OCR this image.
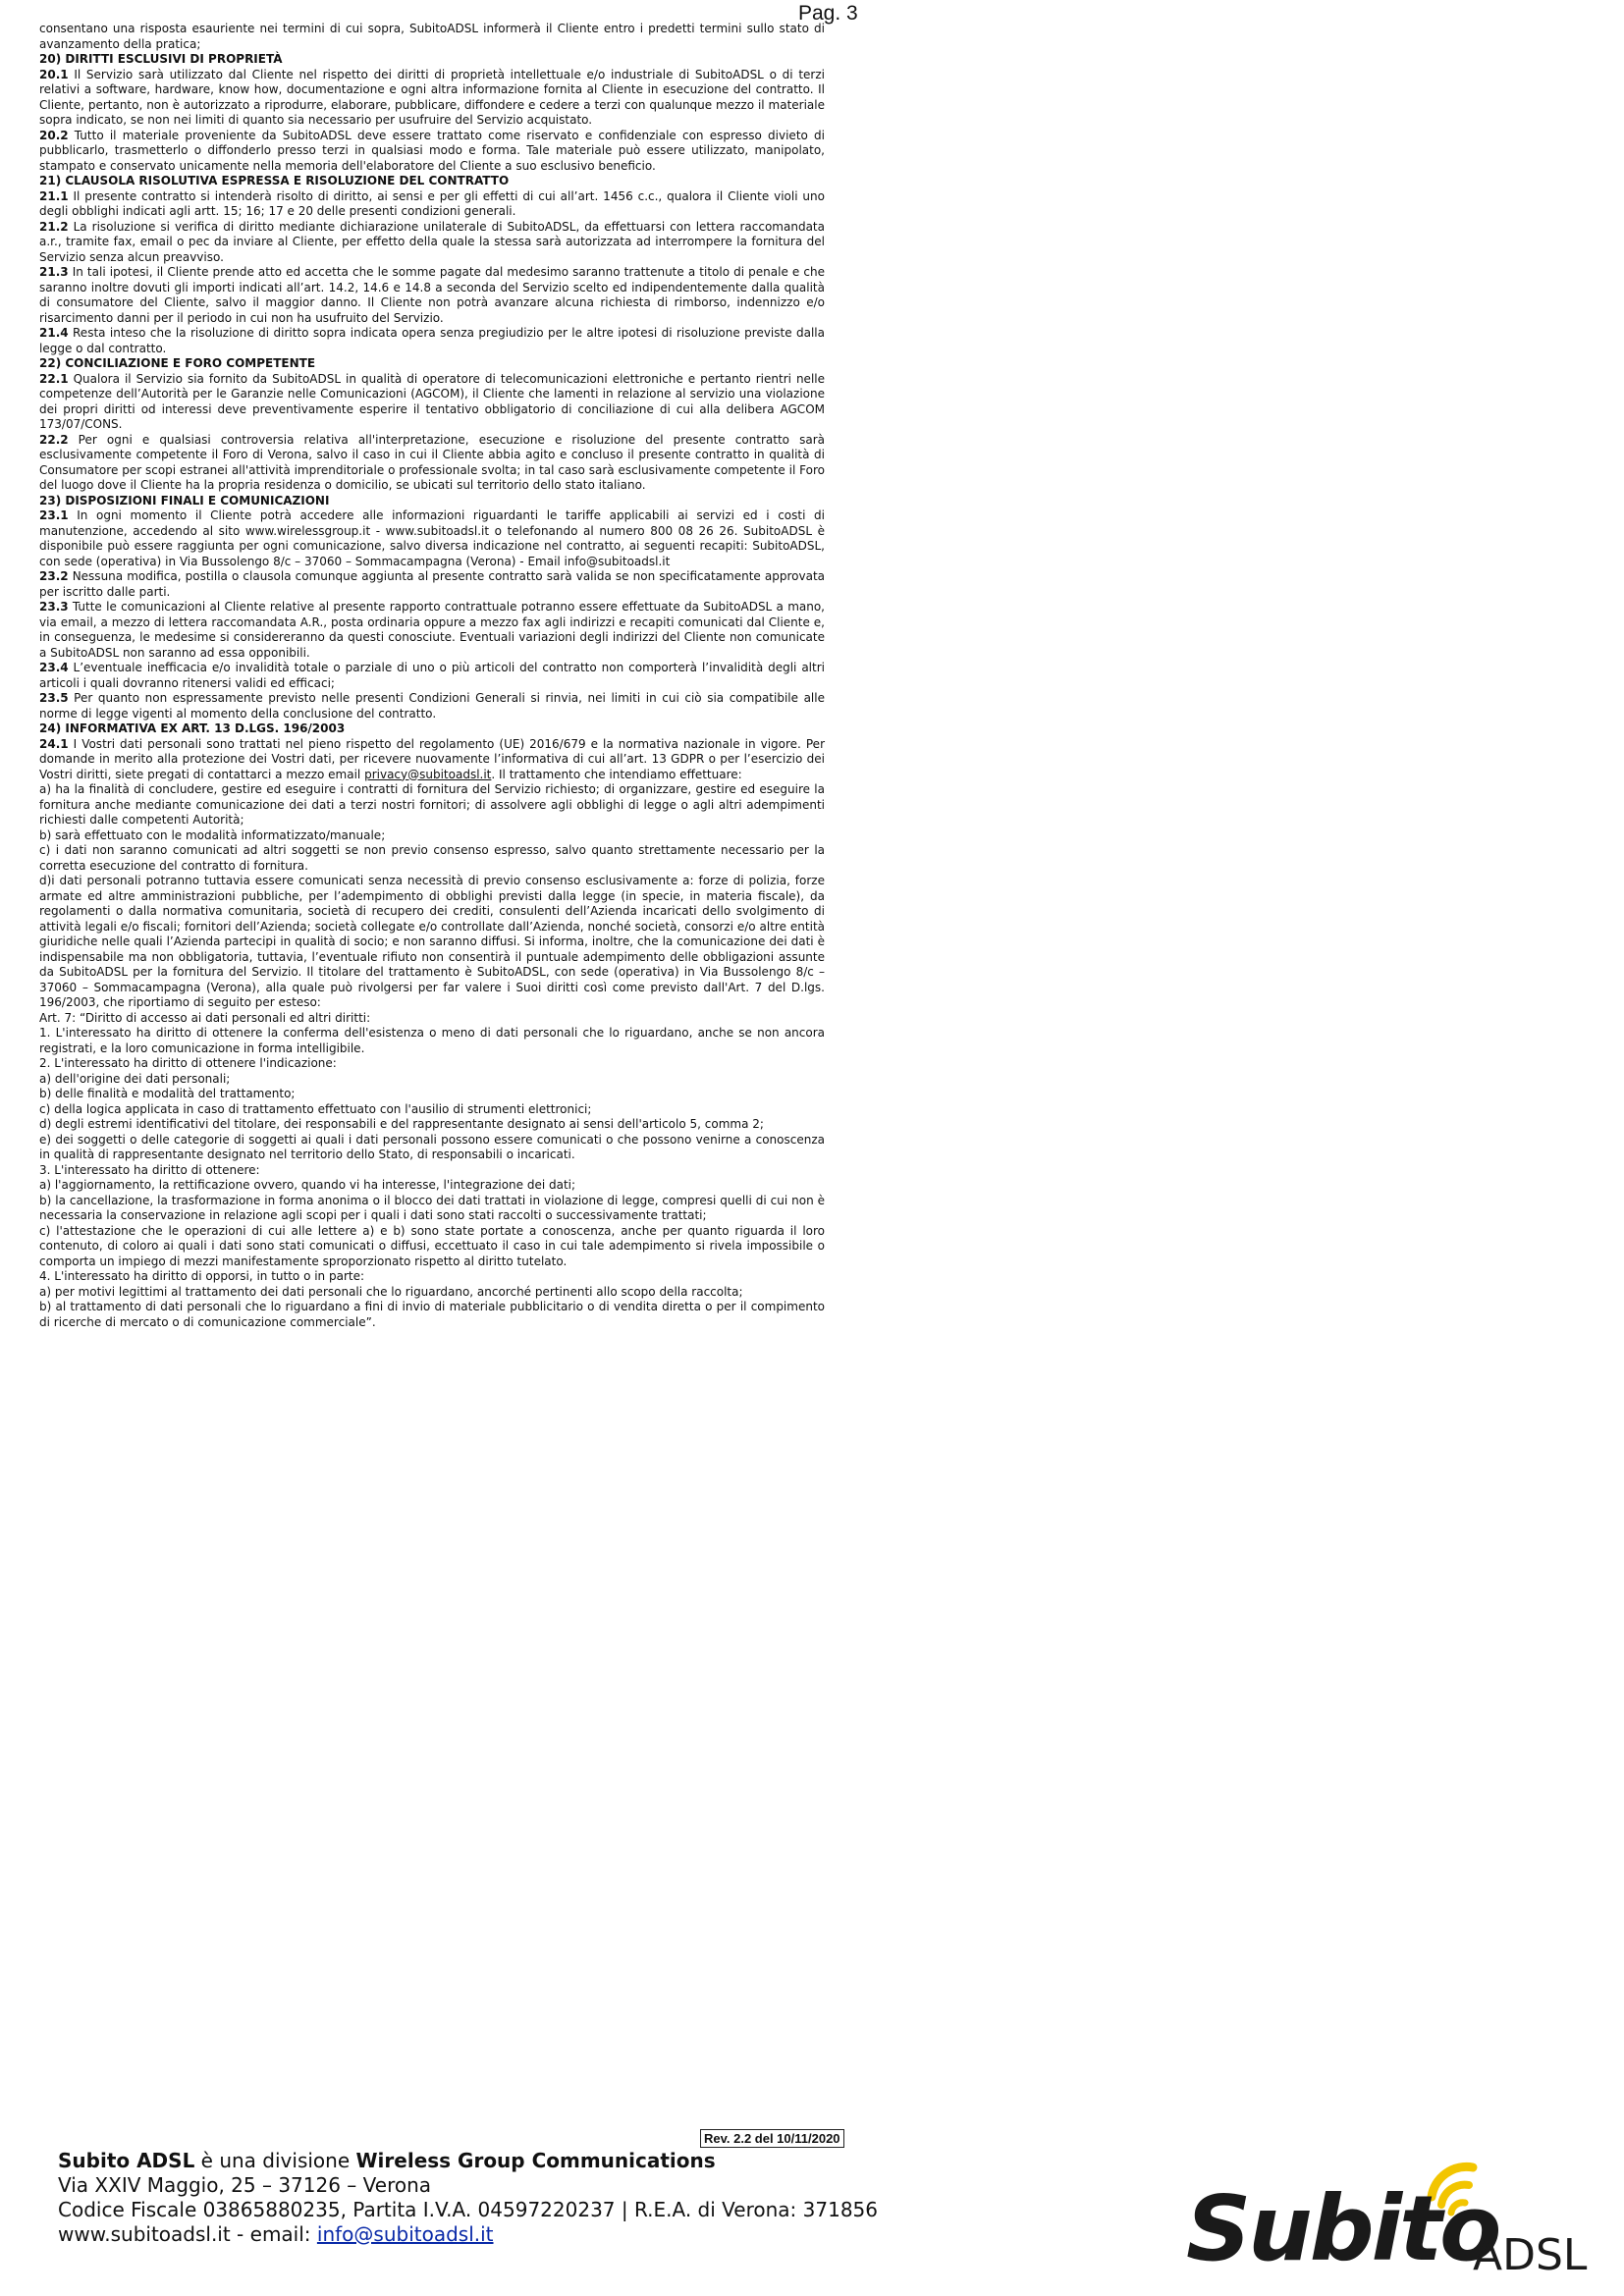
Pag. 3

consentano una risposta esauriente nei termini di cui sopra, SubitoADSL informerà il Cliente entro i predetti termini sullo stato di avanzamento della pratica;

20) DIRITTI ESCLUSIVI DI PROPRIETÀ

20.1 Il Servizio sarà utilizzato dal Cliente nel rispetto dei diritti di proprietà intellettuale e/o industriale di SubitoADSL o di terzi relativi a software, hardware, know how, documentazione e ogni altra informazione fornita al Cliente in esecuzione del contratto. Il Cliente, pertanto, non è autorizzato a riprodurre, elaborare, pubblicare, diffondere e cedere a terzi con qualunque mezzo il materiale sopra indicato, se non nei limiti di quanto sia necessario per usufruire del Servizio acquistato.

20.2 Tutto il materiale proveniente da SubitoADSL deve essere trattato come riservato e confidenziale con espresso divieto di pubblicarlo, trasmetterlo o diffonderlo presso terzi in qualsiasi modo e forma. Tale materiale può essere utilizzato, manipolato, stampato e conservato unicamente nella memoria dell'elaboratore del Cliente a suo esclusivo beneficio.

21) CLAUSOLA RISOLUTIVA ESPRESSA E RISOLUZIONE DEL CONTRATTO

21.1 Il presente contratto si intenderà risolto di diritto, ai sensi e per gli effetti di cui all’art. 1456 c.c., qualora il Cliente violi uno degli obblighi indicati agli artt. 15; 16; 17 e 20 delle presenti condizioni generali.

21.2 La risoluzione si verifica di diritto mediante dichiarazione unilaterale di SubitoADSL, da effettuarsi con lettera raccomandata a.r., tramite fax, email o pec da inviare al Cliente, per effetto della quale la stessa sarà autorizzata ad interrompere la fornitura del Servizio senza alcun preavviso.

21.3 In tali ipotesi, il Cliente prende atto ed accetta che le somme pagate dal medesimo saranno trattenute a titolo di penale e che saranno inoltre dovuti gli importi indicati all’art. 14.2, 14.6 e 14.8 a seconda del Servizio scelto ed indipendentemente dalla qualità di consumatore del Cliente, salvo il maggior danno. Il Cliente non potrà avanzare alcuna richiesta di rimborso, indennizzo e/o risarcimento danni per il periodo in cui non ha usufruito del Servizio.

21.4 Resta inteso che la risoluzione di diritto sopra indicata opera senza pregiudizio per le altre ipotesi di risoluzione previste dalla legge o dal contratto.

22) CONCILIAZIONE E FORO COMPETENTE

22.1 Qualora il Servizio sia fornito da SubitoADSL in qualità di operatore di telecomunicazioni elettroniche e pertanto rientri nelle competenze dell’Autorità per le Garanzie nelle Comunicazioni (AGCOM), il Cliente che lamenti in relazione al servizio una violazione dei propri diritti od interessi deve preventivamente esperire il tentativo obbligatorio di conciliazione di cui alla delibera AGCOM 173/07/CONS.

22.2 Per ogni e qualsiasi controversia relativa all'interpretazione, esecuzione e risoluzione del presente contratto sarà esclusivamente competente il Foro di Verona, salvo il caso in cui il Cliente abbia agito e concluso il presente contratto in qualità di Consumatore per scopi estranei all'attività imprenditoriale o professionale svolta; in tal caso sarà esclusivamente competente il Foro del luogo dove il Cliente ha la propria residenza o domicilio, se ubicati sul territorio dello stato italiano.

23) DISPOSIZIONI FINALI E COMUNICAZIONI

23.1 In ogni momento il Cliente potrà accedere alle informazioni riguardanti le tariffe applicabili ai servizi ed i costi di manutenzione, accedendo al sito www.wirelessgroup.it - www.subitoadsl.it o telefonando al numero 800 08 26 26. SubitoADSL è disponibile può essere raggiunta per ogni comunicazione, salvo diversa indicazione nel contratto, ai seguenti recapiti: SubitoADSL, con sede (operativa) in Via Bussolengo 8/c – 37060 – Sommacampagna (Verona) - Email info@subitoadsl.it

23.2 Nessuna modifica, postilla o clausola comunque aggiunta al presente contratto sarà valida se non specificatamente approvata per iscritto dalle parti.

23.3 Tutte le comunicazioni al Cliente relative al presente rapporto contrattuale potranno essere effettuate da SubitoADSL a mano, via email, a mezzo di lettera raccomandata A.R., posta ordinaria oppure a mezzo fax agli indirizzi e recapiti comunicati dal Cliente e, in conseguenza, le medesime si considereranno da questi conosciute. Eventuali variazioni degli indirizzi del Cliente non comunicate a SubitoADSL non saranno ad essa opponibili.

23.4 L’eventuale inefficacia e/o invalidità totale o parziale di uno o più articoli del contratto non comporterà l’invalidità degli altri articoli i quali dovranno ritenersi validi ed efficaci;

23.5 Per quanto non espressamente previsto nelle presenti Condizioni Generali si rinvia, nei limiti in cui ciò sia compatibile alle norme di legge vigenti al momento della conclusione del contratto.

24) INFORMATIVA EX ART. 13 D.LGS. 196/2003

24.1 I Vostri dati personali sono trattati nel pieno rispetto del regolamento (UE) 2016/679 e la normativa nazionale in vigore. Per domande in merito alla protezione dei Vostri dati, per ricevere nuovamente l’informativa di cui all’art. 13 GDPR o per l’esercizio dei Vostri diritti, siete pregati di contattarci a mezzo email privacy@subitoadsl.it. Il trattamento che intendiamo effettuare:

a) ha la finalità di concludere, gestire ed eseguire i contratti di fornitura del Servizio richiesto; di organizzare, gestire ed eseguire la fornitura anche mediante comunicazione dei dati a terzi nostri fornitori; di assolvere agli obblighi di legge o agli altri adempimenti richiesti dalle competenti Autorità;

b) sarà effettuato con le modalità informatizzato/manuale;

c) i dati non saranno comunicati ad altri soggetti se non previo consenso espresso, salvo quanto strettamente necessario per la corretta esecuzione del contratto di fornitura.

d)i dati personali potranno tuttavia essere comunicati senza necessità di previo consenso esclusivamente a: forze di polizia, forze armate ed altre amministrazioni pubbliche, per l’adempimento di obblighi previsti dalla legge (in specie, in materia fiscale), da regolamenti o dalla normativa comunitaria, società di recupero dei crediti, consulenti dell’Azienda incaricati dello svolgimento di attività legali e/o fiscali; fornitori dell’Azienda; società collegate e/o controllate dall’Azienda, nonché società, consorzi e/o altre entità giuridiche nelle quali l’Azienda partecipi in qualità di socio; e non saranno diffusi. Si informa, inoltre, che la comunicazione dei dati è indispensabile ma non obbligatoria, tuttavia, l’eventuale rifiuto non consentirà il puntuale adempimento delle obbligazioni assunte da SubitoADSL per la fornitura del Servizio. Il titolare del trattamento è SubitoADSL, con sede (operativa) in Via Bussolengo 8/c – 37060 – Sommacampagna (Verona), alla quale può rivolgersi per far valere i Suoi diritti così come previsto dall'Art. 7 del D.lgs. 196/2003, che riportiamo di seguito per esteso:

Art. 7: “Diritto di accesso ai dati personali ed altri diritti:

1. L'interessato ha diritto di ottenere la conferma dell'esistenza o meno di dati personali che lo riguardano, anche se non ancora registrati, e la loro comunicazione in forma intelligibile.

2. L'interessato ha diritto di ottenere l'indicazione:

a) dell'origine dei dati personali;

b) delle finalità e modalità del trattamento;

c) della logica applicata in caso di trattamento effettuato con l'ausilio di strumenti elettronici;

d) degli estremi identificativi del titolare, dei responsabili e del rappresentante designato ai sensi dell'articolo 5, comma 2;

e) dei soggetti o delle categorie di soggetti ai quali i dati personali possono essere comunicati o che possono venirne a conoscenza in qualità di rappresentante designato nel territorio dello Stato, di responsabili o incaricati.

3. L'interessato ha diritto di ottenere:

a) l'aggiornamento, la rettificazione ovvero, quando vi ha interesse, l'integrazione dei dati;

b) la cancellazione, la trasformazione in forma anonima o il blocco dei dati trattati in violazione di legge, compresi quelli di cui non è necessaria la conservazione in relazione agli scopi per i quali i dati sono stati raccolti o successivamente trattati;

c) l'attestazione che le operazioni di cui alle lettere a) e b) sono state portate a conoscenza, anche per quanto riguarda il loro contenuto, di coloro ai quali i dati sono stati comunicati o diffusi, eccettuato il caso in cui tale adempimento si rivela impossibile o comporta un impiego di mezzi manifestamente sproporzionato rispetto al diritto tutelato.

4. L'interessato ha diritto di opporsi, in tutto o in parte:

a) per motivi legittimi al trattamento dei dati personali che lo riguardano, ancorché pertinenti allo scopo della raccolta;

b) al trattamento di dati personali che lo riguardano a fini di invio di materiale pubblicitario o di vendita diretta o per il compimento di ricerche di mercato o di comunicazione commerciale”.

Rev. 2.2 del 10/11/2020
Subito ADSL è una divisione Wireless Group Communications
Via XXIV Maggio, 25 – 37126 – Verona
Codice Fiscale 03865880235, Partita I.V.A. 04597220237 | R.E.A. di Verona: 371856
www.subitoadsl.it - email: info@subitoadsl.it	Subito
ADSL
